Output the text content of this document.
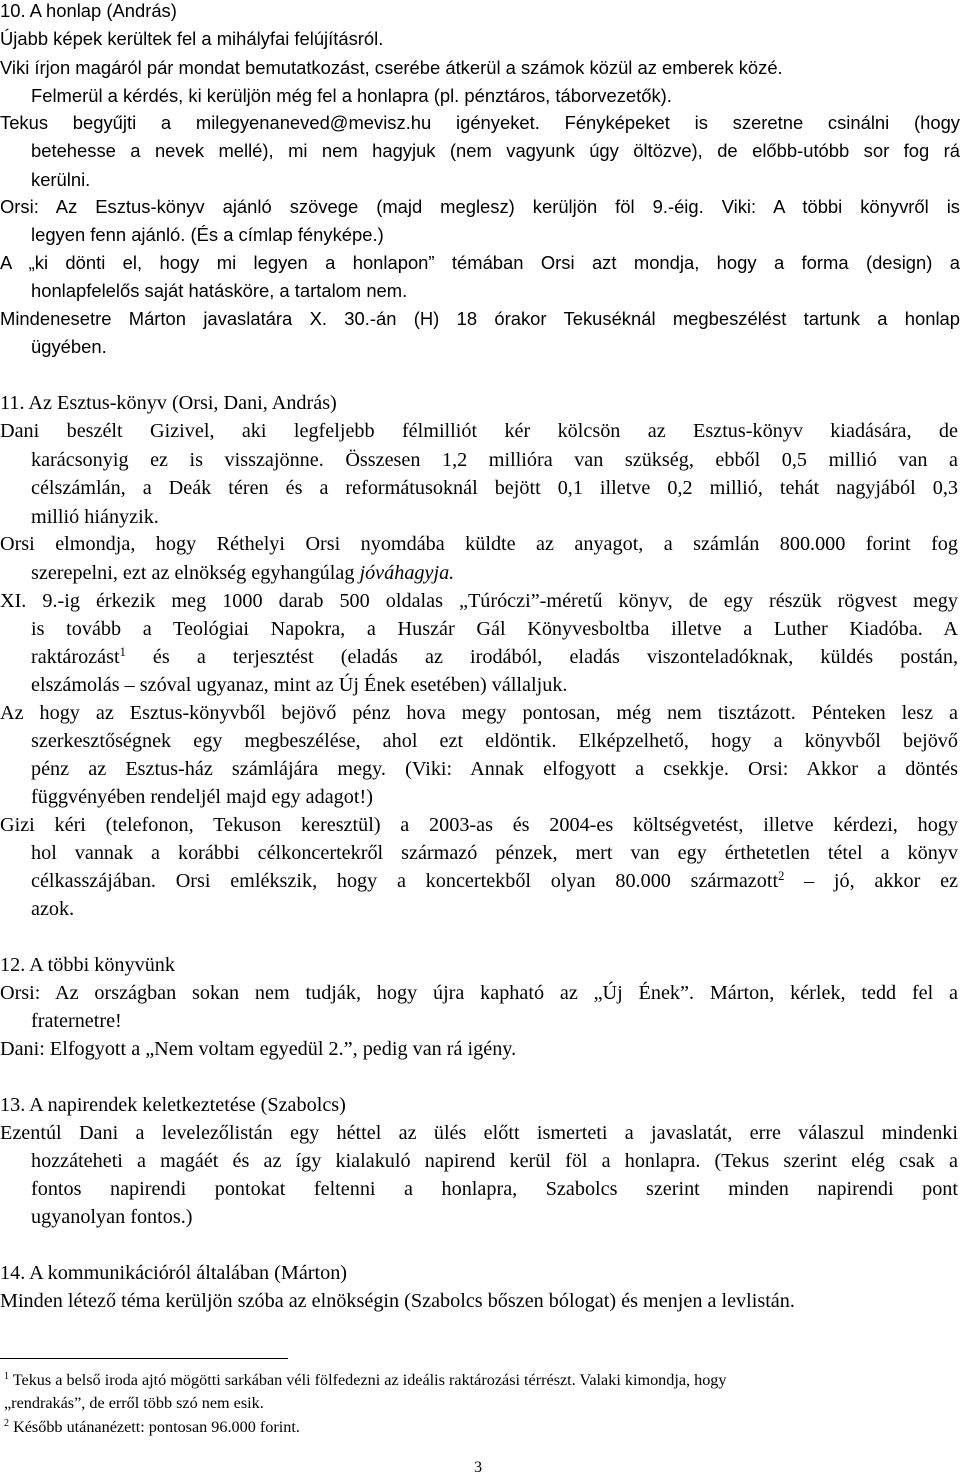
10. A honlap (András)
Újabb képek kerültek fel a mihályfai felújításról.
Viki írjon magáról pár mondat bemutatkozást, cserébe átkerül a számok közül az emberek közé.
Felmerül a kérdés, ki kerüljön még fel a honlapra (pl. pénztáros, táborvezetők).
Tekus begyűjti a milegyenaneved@mevisz.hu igényeket. Fényképeket is szeretne csinálni (hogy
betehesse a nevek mellé), mi nem hagyjuk (nem vagyunk úgy öltözve), de előbb-utóbb sor fog rá
kerülni.
Orsi: Az Esztus-könyv ajánló szövege (majd meglesz) kerüljön föl 9.-éig. Viki: A többi könyvről is
legyen fenn ajánló. (És a címlap fényképe.)
A „ki dönti el, hogy mi legyen a honlapon” témában Orsi azt mondja, hogy a forma (design) a
honlapfelelős saját hatásköre, a tartalom nem.
Mindenesetre Márton javaslatára X. 30.-án (H) 18 órakor Tekuséknál megbeszélést tartunk a honlap
ügyében.
11. Az Esztus-könyv (Orsi, Dani, András)
Dani beszélt Gizivel, aki legfeljebb félmilliót kér kölcsön az Esztus-könyv kiadására, de
karácsonyig ez is visszajönne. Összesen 1,2 millióra van szükség, ebből 0,5 millió van a
célszámlán, a Deák téren és a reformátusoknál bejött 0,1 illetve 0,2 millió, tehát nagyjából 0,3
millió hiányzik.
Orsi elmondja, hogy Réthelyi Orsi nyomdába küldte az anyagot, a számlán 800.000 forint fog
szerepelni, ezt az elnökség egyhangúlag jóváhagyja.
XI. 9.-ig érkezik meg 1000 darab 500 oldalas „Túróczi”-méretű könyv, de egy részük rögvest megy
is tovább a Teológiai Napokra, a Huszár Gál Könyvesboltba illetve a Luther Kiadóba. A
raktározást$^1$ és a terjesztést (eladás az irodából, eladás viszonteladóknak, küldés postán,
elszámolás – szóval ugyanaz, mint az Új Ének esetében) vállaljuk.
Az hogy az Esztus-könyvből bejövő pénz hova megy pontosan, még nem tisztázott. Pénteken lesz a
szerkesztőségnek egy megbeszélése, ahol ezt eldöntik. Elképzelhető, hogy a könyvből bejövő
pénz az Esztus-ház számlájára megy. (Viki: Annak elfogyott a csekkje. Orsi: Akkor a döntés
függvényében rendeljél majd egy adagot!)
Gizi kéri (telefonon, Tekuson keresztül) a 2003-as és 2004-es költségvetést, illetve kérdezi, hogy
hol vannak a korábbi célkoncertekről származó pénzek, mert van egy érthetetlen tétel a könyv
célkasszájában. Orsi emlékszik, hogy a koncertekből olyan 80.000 származott$^2$ – jó, akkor ez
azok.
12. A többi könyvünk
Orsi: Az országban sokan nem tudják, hogy újra kapható az „Új Ének”. Márton, kérlek, tedd fel a
fraternetre!
Dani: Elfogyott a „Nem voltam egyedül 2.”, pedig van rá igény.
13. A napirendek keletkeztetése (Szabolcs)
Ezentúl Dani a levelezőlistán egy héttel az ülés előtt ismerteti a javaslatát, erre válaszul mindenki
hozzáteheti a magáét és az így kialakuló napirend kerül föl a honlapra. (Tekus szerint elég csak a
fontos napirendi pontokat feltenni a honlapra, Szabolcs szerint minden napirendi pont
ugyanolyan fontos.)
14. A kommunikációról általában (Márton)
Minden létező téma kerüljön szóba az elnökségin (Szabolcs bőszen bólogat) és menjen a levlistán.
$^1$ Tekus a belső iroda ajtó mögötti sarkában véli fölfedezni az ideális raktározási térrészt. Valaki kimondja, hogy
„rendrakás”, de erről több szó nem esik.
$^2$ Később utánanézett: pontosan 96.000 forint.
3
